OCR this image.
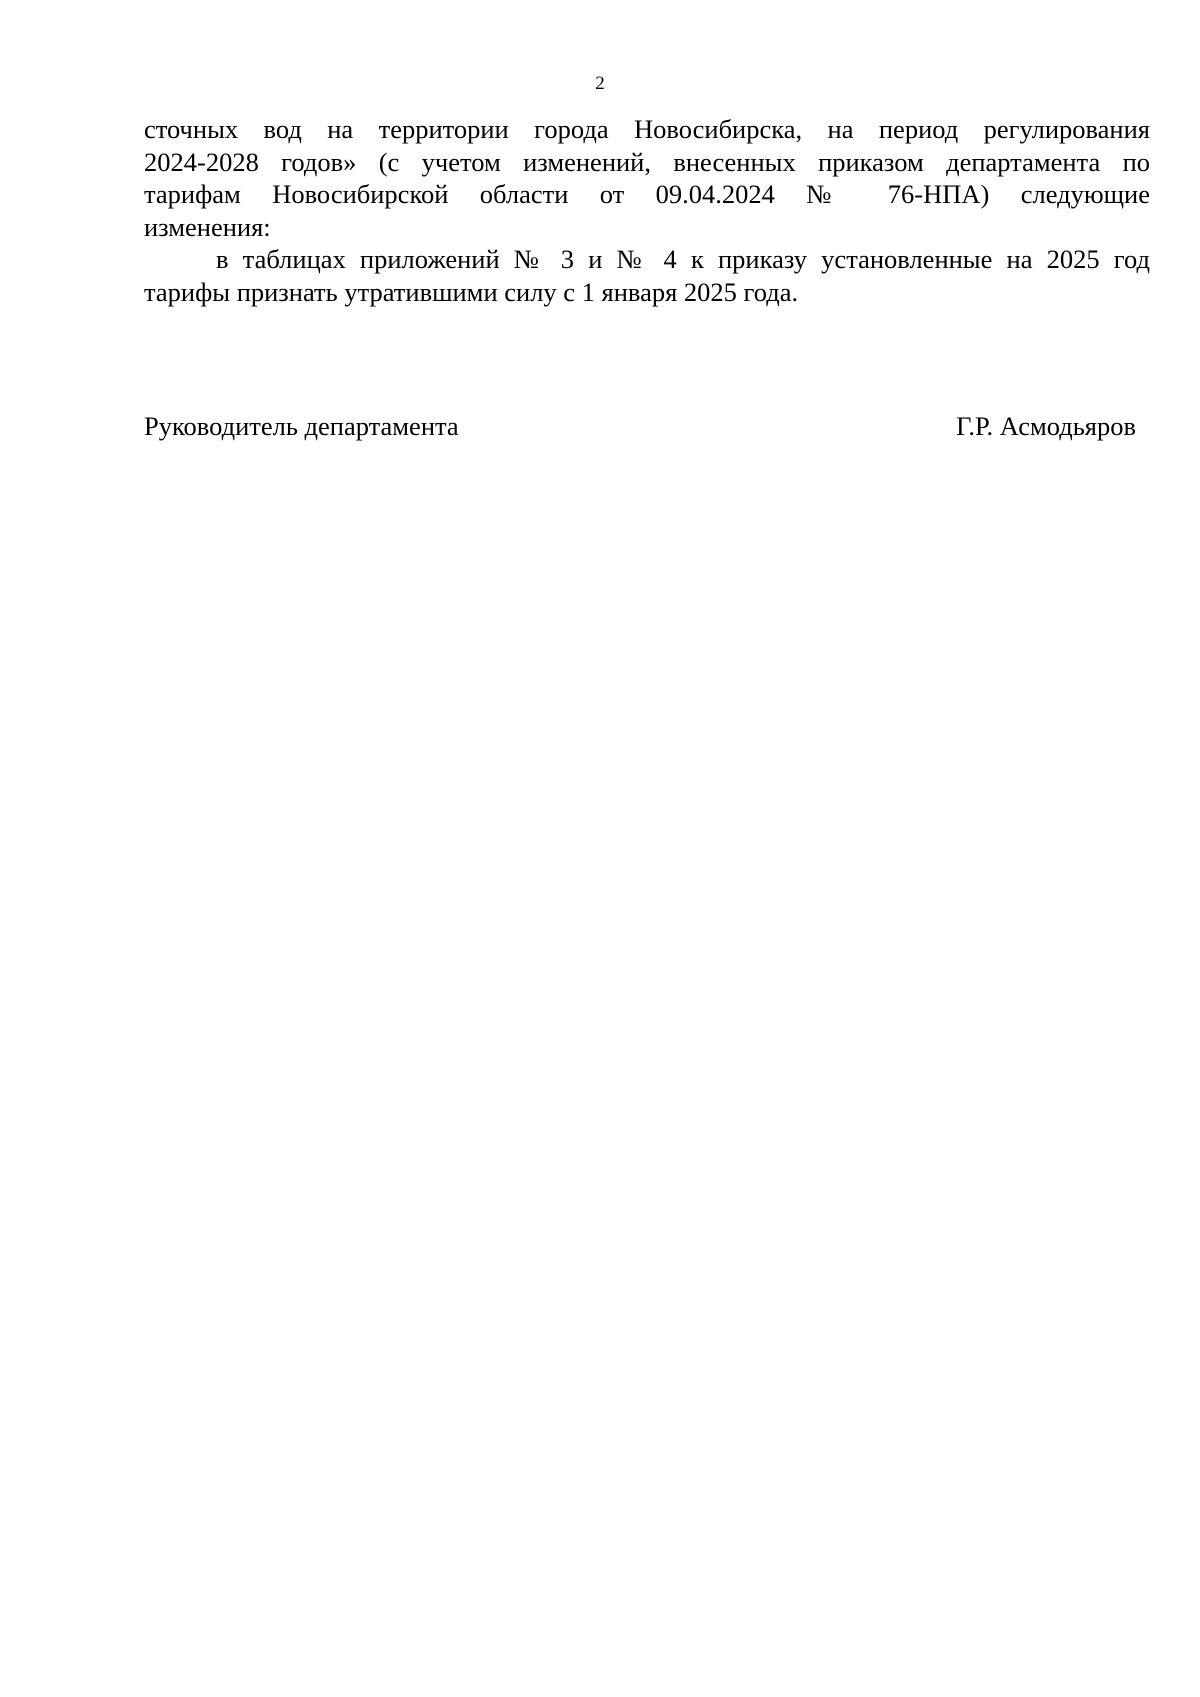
2

сточных вод на территории города Новосибирска, на период регулирования
2024-2028 годов» (с учетом изменений, внесенных приказом департамента по
тарифам Новосибирской области от 09.04.2024 № 76-НПА) следующие
изменения:

в таблицах приложений № 3 и № 4 к приказу установленные на 2025 год
тарифы признать утратившими силу с 1 января 2025 года.

Руководитель департамента	Г.Р. Асмодьяров
